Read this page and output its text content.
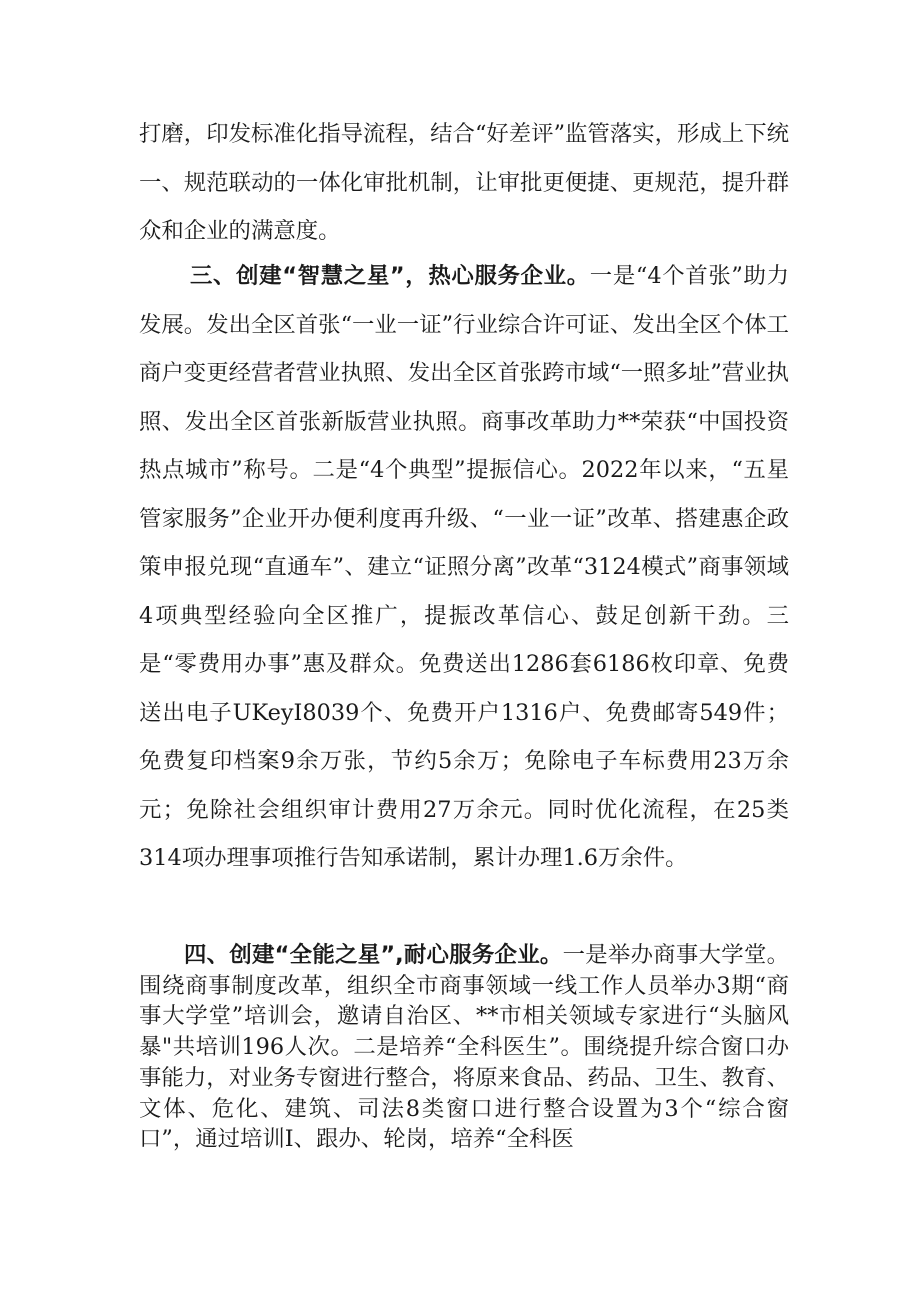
打磨，印发标准化指导流程，结合“好差评”监管落实，形成上下统一、规范联动的一体化审批机制，让审批更便捷、更规范，提升群众和企业的满意度。

三、创建“智慧之星”，热心服务企业。一是“4个首张”助力发展。发出全区首张“一业一证”行业综合许可证、发出全区个体工商户变更经营者营业执照、发出全区首张跨市域“一照多址”营业执照、发出全区首张新版营业执照。商事改革助力**荣获“中国投资热点城市”称号。二是“4个典型”提振信心。2022年以来，“五星管家服务”企业开办便利度再升级、“一业一证”改革、搭建惠企政策申报兑现“直通车”、建立“证照分离”改革“3124模式”商事领域4项典型经验向全区推广，提振改革信心、鼓足创新干劲。三是“零费用办事”惠及群众。免费送出1286套6186枚印章、免费送出电子UKeyI8039个、免费开户1316户、免费邮寄549件；免费复印档案9余万张，节约5余万；免除电子车标费用23万余元；免除社会组织审计费用27万余元。同时优化流程，在25类314项办理事项推行告知承诺制，累计办理1.6万余件。

四、创建“全能之星”,耐心服务企业。一是举办商事大学堂。围绕商事制度改革，组织全市商事领域一线工作人员举办3期“商事大学堂”培训会，邀请自治区、**市相关领域专家进行“头脑风暴"共培训196人次。二是培养“全科医生”。围绕提升综合窗口办事能力，对业务专窗进行整合，将原来食品、药品、卫生、教育、文体、危化、建筑、司法8类窗口进行整合设置为3个“综合窗口”，通过培训I、跟办、轮岗，培养“全科医
